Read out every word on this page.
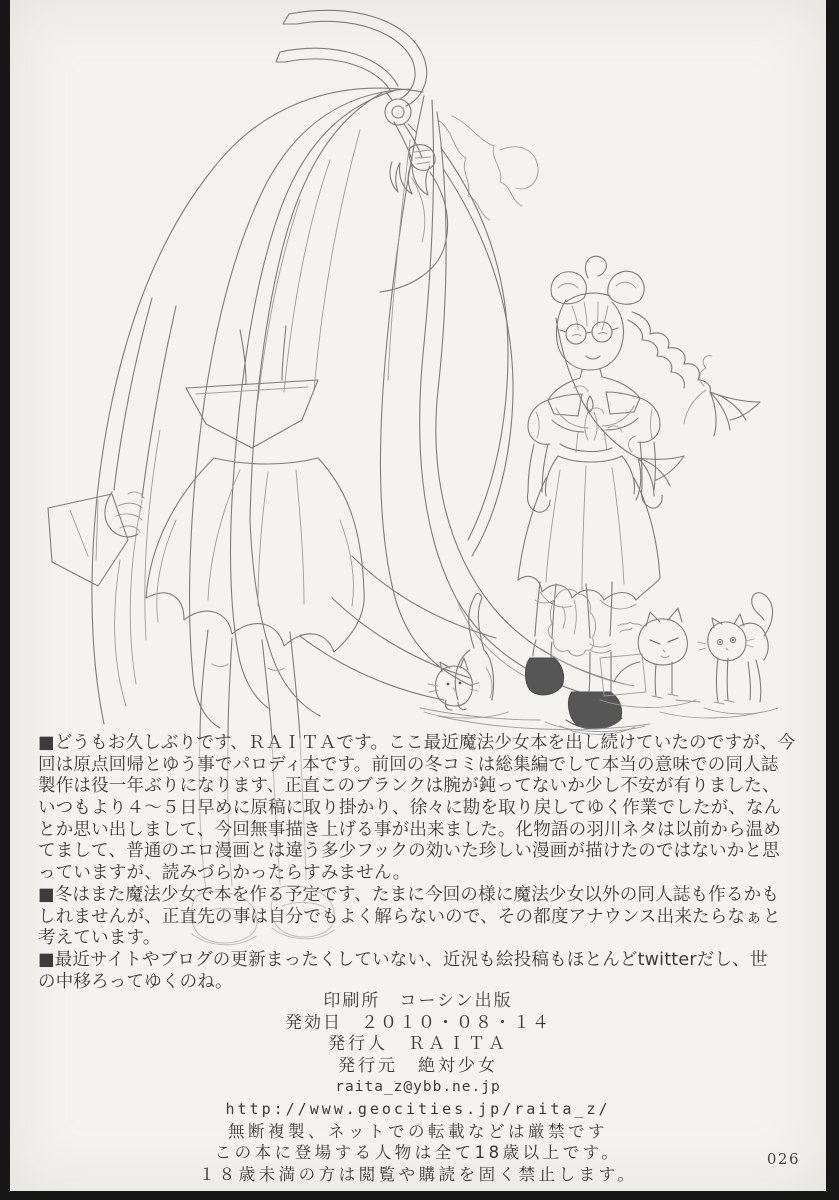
■どうもお久しぶりです、ＲＡＩＴＡです。ここ最近魔法少女本を出し続けていたのですが、今
回は原点回帰とゆう事でパロディ本です。前回の冬コミは総集編でして本当の意味での同人誌
製作は役一年ぶりになります、正直このブランクは腕が鈍ってないか少し不安が有りました、
いつもより４〜５日早めに原稿に取り掛かり、徐々に勘を取り戻してゆく作業でしたが、なん
とか思い出しまして、今回無事描き上げる事が出来ました。化物語の羽川ネタは以前から温め
てまして、普通のエロ漫画とは違う多少フックの効いた珍しい漫画が描けたのではないかと思
っていますが、読みづらかったらすみません。
■冬はまた魔法少女で本を作る予定です、たまに今回の様に魔法少女以外の同人誌も作るかも
しれませんが、正直先の事は自分でもよく解らないので、その都度アナウンス出来たらなぁと
考えています。
■最近サイトやブログの更新まったくしていない、近況も絵投稿もほとんどtwitterだし、世
の中移ろってゆくのね。
印刷所　コーシン出版
発効日　２０１０・０８・１４
発行人　ＲＡＩＴＡ
発行元　絶対少女
raita_z@ybb.ne.jp
http://www.geocities.jp/raita_z/
無断複製、ネットでの転載などは厳禁です
この本に登場する人物は全て18歳以上です。
１８歳未満の方は閲覧や購読を固く禁止します。
026
